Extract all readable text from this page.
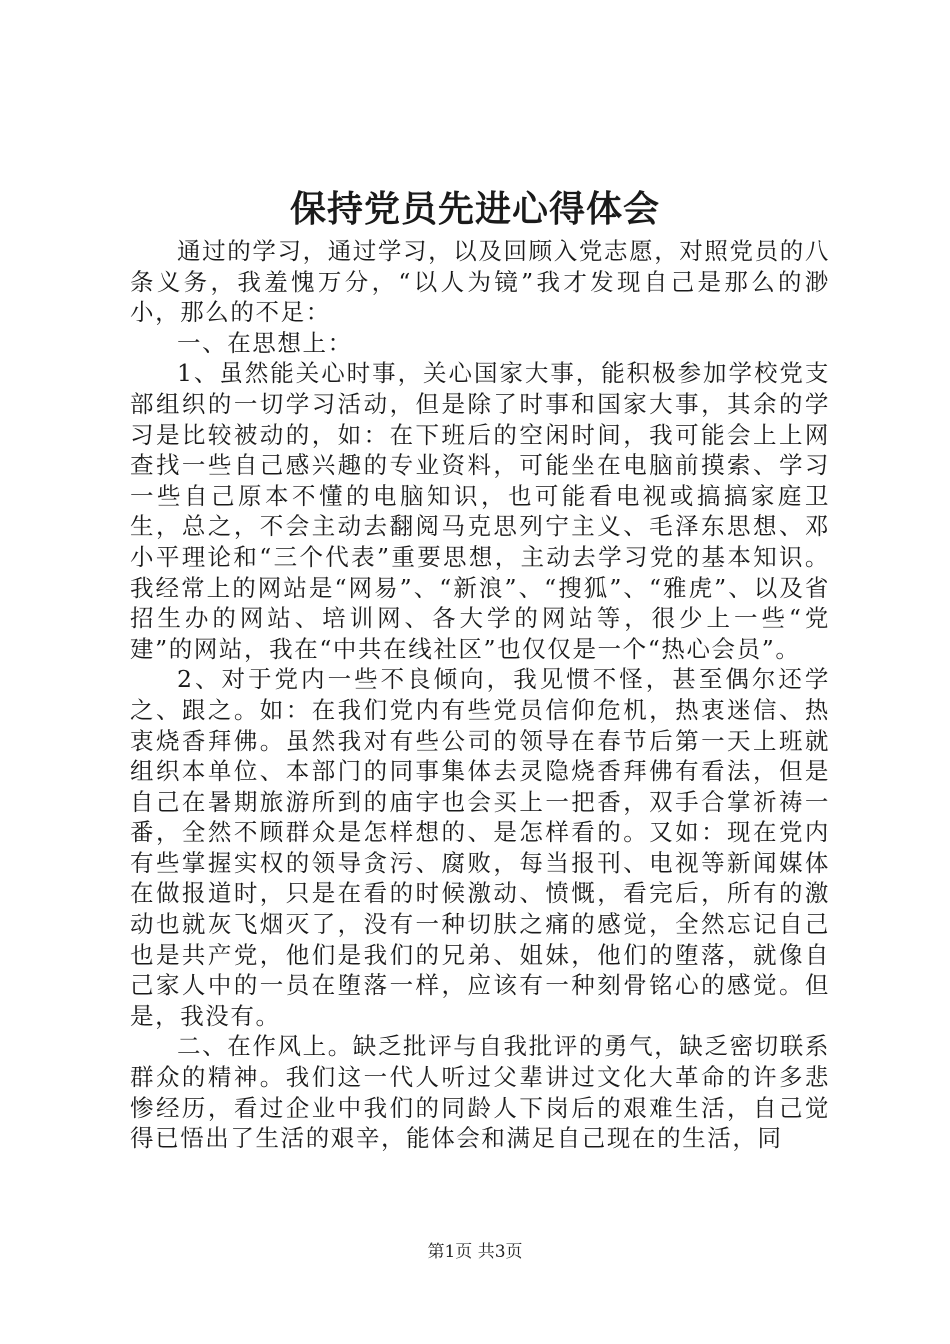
保持党员先进心得体会

通过的学习，通过学习，以及回顾入党志愿，对照党员的八条义务，我羞愧万分，“以人为镜”我才发现自己是那么的渺小，那么的不足：

一、在思想上：

1、虽然能关心时事，关心国家大事，能积极参加学校党支部组织的一切学习活动，但是除了时事和国家大事，其余的学习是比较被动的，如：在下班后的空闲时间，我可能会上上网查找一些自己感兴趣的专业资料，可能坐在电脑前摸索、学习一些自己原本不懂的电脑知识，也可能看电视或搞搞家庭卫生，总之，不会主动去翻阅马克思列宁主义、毛泽东思想、邓小平理论和“三个代表”重要思想，主动去学习党的基本知识。我经常上的网站是“网易”、“新浪”、“搜狐”、“雅虎”、以及省招生办的网站、培训网、各大学的网站等，很少上一些“党建”的网站，我在“中共在线社区”也仅仅是一个“热心会员”。

2、对于党内一些不良倾向，我见惯不怪，甚至偶尔还学之、跟之。如：在我们党内有些党员信仰危机，热衷迷信、热衷烧香拜佛。虽然我对有些公司的领导在春节后第一天上班就组织本单位、本部门的同事集体去灵隐烧香拜佛有看法，但是自己在暑期旅游所到的庙宇也会买上一把香，双手合掌祈祷一番，全然不顾群众是怎样想的、是怎样看的。又如：现在党内有些掌握实权的领导贪污、腐败，每当报刊、电视等新闻媒体在做报道时，只是在看的时候激动、愤慨，看完后，所有的激动也就灰飞烟灭了，没有一种切肤之痛的感觉，全然忘记自己也是共产党，他们是我们的兄弟、姐妹，他们的堕落，就像自己家人中的一员在堕落一样，应该有一种刻骨铭心的感觉。但是，我没有。

二、在作风上。缺乏批评与自我批评的勇气，缺乏密切联系群众的精神。我们这一代人听过父辈讲过文化大革命的许多悲惨经历，看过企业中我们的同龄人下岗后的艰难生活，自己觉得已悟出了生活的艰辛，能体会和满足自己现在的生活，同

第1页 共3页
